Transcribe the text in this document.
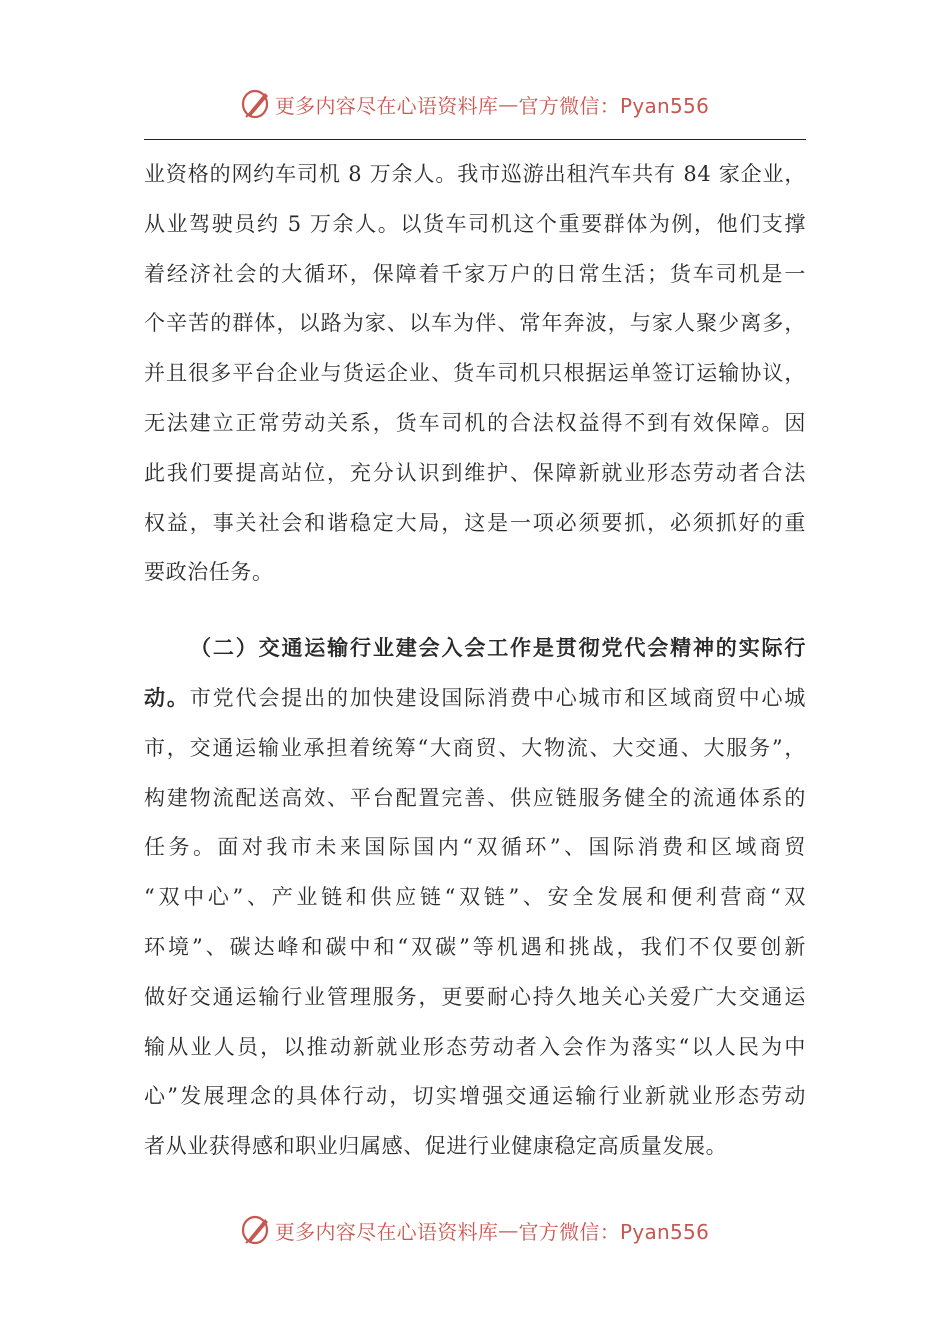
更多内容尽在心语资料库 — 官方微信：Pyan556
业资格的网约车司机 8 万余人。我市巡游出租汽车共有 84 家企业，
从业驾驶员约 5 万余人。以货车司机这个重要群体为例，他们支撑
着经济社会的大循环，保障着千家万户的日常生活；货车司机是一
个辛苦的群体，以路为家、以车为伴、常年奔波，与家人聚少离多，
并且很多平台企业与货运企业、货车司机只根据运单签订运输协议，
无法建立正常劳动关系，货车司机的合法权益得不到有效保障。因
此我们要提高站位，充分认识到维护、保障新就业形态劳动者合法
权益，事关社会和谐稳定大局，这是一项必须要抓，必须抓好的重
要政治任务。
（二）交通运输行业建会入会工作是贯彻党代会精神的实际行
动。市党代会提出的加快建设国际消费中心城市和区域商贸中心城
市，交通运输业承担着统筹“大商贸、大物流、大交通、大服务”，
构建物流配送高效、平台配置完善、供应链服务健全的流通体系的
任务。面对我市未来国际国内“双循环”、国际消费和区域商贸
“双中心”、产业链和供应链“双链”、安全发展和便利营商“双
环境”、碳达峰和碳中和“双碳”等机遇和挑战，我们不仅要创新
做好交通运输行业管理服务，更要耐心持久地关心关爱广大交通运
输从业人员，以推动新就业形态劳动者入会作为落实“以人民为中
心”发展理念的具体行动，切实增强交通运输行业新就业形态劳动
者从业获得感和职业归属感、促进行业健康稳定高质量发展。
更多内容尽在心语资料库 — 官方微信：Pyan556
